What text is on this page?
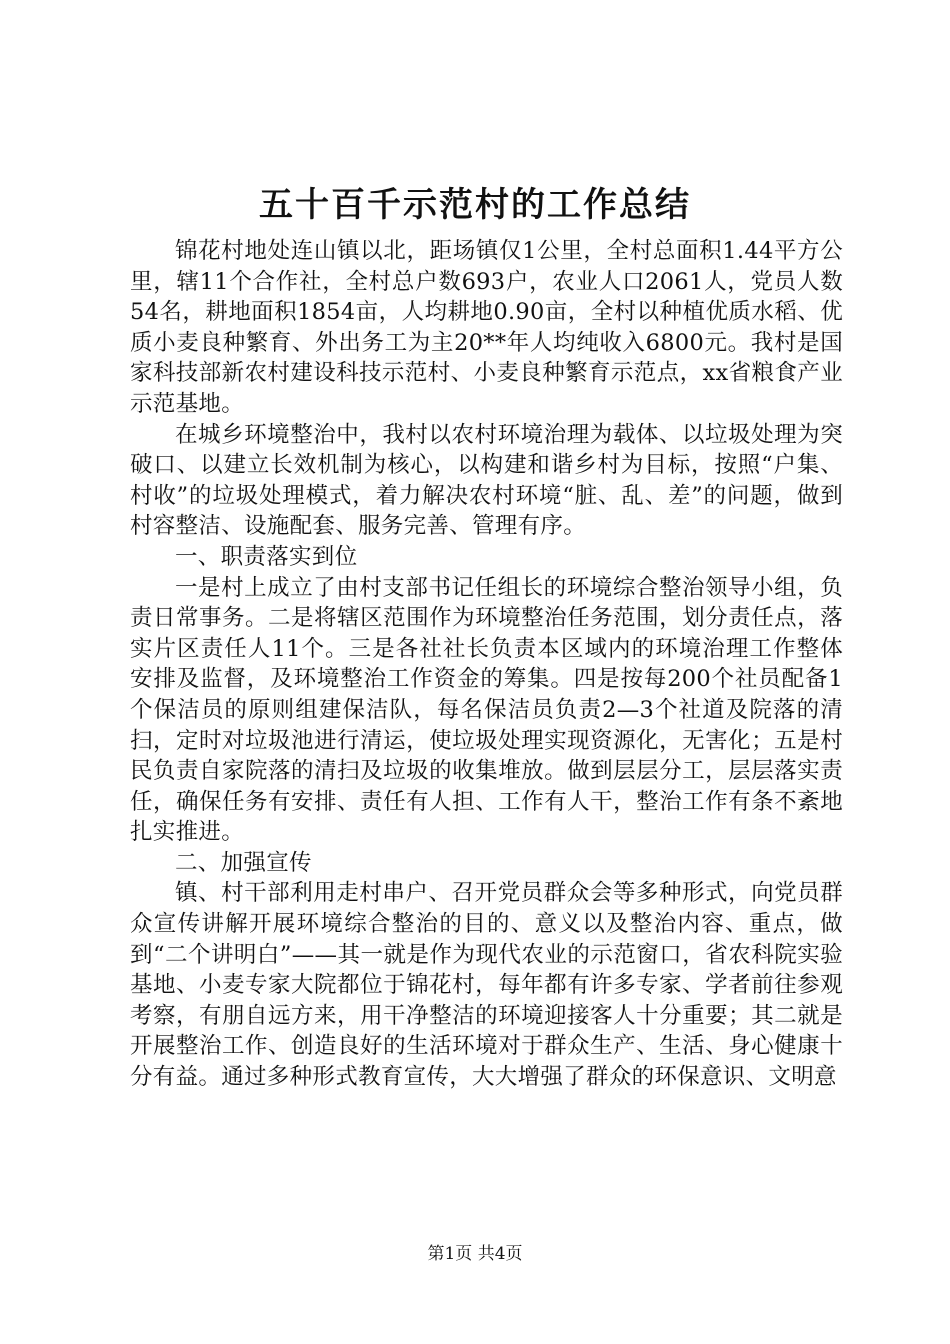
五十百千示范村的工作总结

锦花村地处连山镇以北，距场镇仅1公里，全村总面积1.44平方公里，辖11个合作社，全村总户数693户，农业人口2061人，党员人数54名，耕地面积1854亩，人均耕地0.90亩，全村以种植优质水稻、优质小麦良种繁育、外出务工为主20**年人均纯收入6800元。我村是国家科技部新农村建设科技示范村、小麦良种繁育示范点，xx省粮食产业示范基地。

在城乡环境整治中，我村以农村环境治理为载体、以垃圾处理为突破口、以建立长效机制为核心，以构建和谐乡村为目标，按照“户集、村收”的垃圾处理模式，着力解决农村环境“脏、乱、差”的问题，做到村容整洁、设施配套、服务完善、管理有序。

一、职责落实到位

一是村上成立了由村支部书记任组长的环境综合整治领导小组，负责日常事务。二是将辖区范围作为环境整治任务范围，划分责任点，落实片区责任人11个。三是各社社长负责本区域内的环境治理工作整体安排及监督，及环境整治工作资金的筹集。四是按每200个社员配备1个保洁员的原则组建保洁队，每名保洁员负责2—3个社道及院落的清扫，定时对垃圾池进行清运，使垃圾处理实现资源化，无害化；五是村民负责自家院落的清扫及垃圾的收集堆放。做到层层分工，层层落实责任，确保任务有安排、责任有人担、工作有人干，整治工作有条不紊地扎实推进。

二、加强宣传

镇、村干部利用走村串户、召开党员群众会等多种形式，向党员群众宣传讲解开展环境综合整治的目的、意义以及整治内容、重点，做到“二个讲明白”——其一就是作为现代农业的示范窗口，省农科院实验基地、小麦专家大院都位于锦花村，每年都有许多专家、学者前往参观考察，有朋自远方来，用干净整洁的环境迎接客人十分重要；其二就是开展整治工作、创造良好的生活环境对于群众生产、生活、身心健康十分有益。通过多种形式教育宣传，大大增强了群众的环保意识、文明意

第1页 共4页
